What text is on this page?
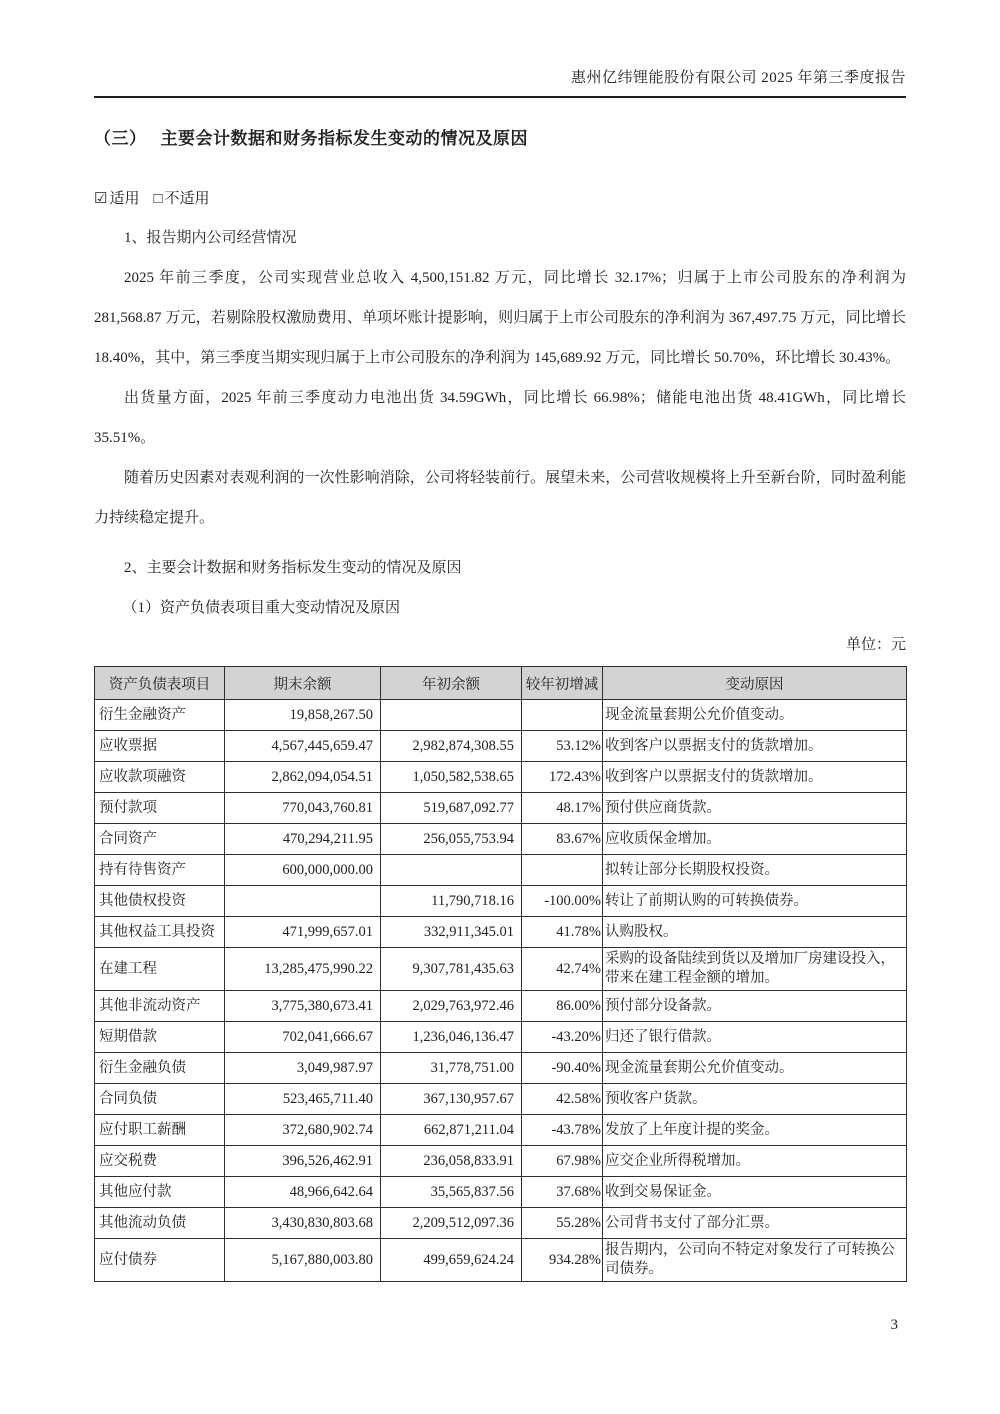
惠州亿纬锂能股份有限公司 2025 年第三季度报告
（三） 主要会计数据和财务指标发生变动的情况及原因
☑ 适用 □ 不适用
1、报告期内公司经营情况

2025 年前三季度，公司实现营业总收入 4,500,151.82 万元，同比增长 32.17%；归属于上市公司股东的净利润为 281,568.87 万元，若剔除股权激励费用、单项坏账计提影响，则归属于上市公司股东的净利润为 367,497.75 万元，同比增长 18.40%，其中，第三季度当期实现归属于上市公司股东的净利润为 145,689.92 万元，同比增长 50.70%，环比增长 30.43%。

出货量方面，2025 年前三季度动力电池出货 34.59GWh，同比增长 66.98%；储能电池出货 48.41GWh，同比增长 35.51%。

随着历史因素对表观利润的一次性影响消除，公司将轻装前行。展望未来，公司营收规模将上升至新台阶，同时盈利能力持续稳定提升。

2、主要会计数据和财务指标发生变动的情况及原因
（1）资产负债表项目重大变动情况及原因
单位：元
资产负债表项目	期末余额	年初余额	较年初增减	变动原因
衍生金融资产	19,858,267.50			现金流量套期公允价值变动。
应收票据	4,567,445,659.47	2,982,874,308.55	53.12%	收到客户以票据支付的货款增加。
应收款项融资	2,862,094,054.51	1,050,582,538.65	172.43%	收到客户以票据支付的货款增加。
预付款项	770,043,760.81	519,687,092.77	48.17%	预付供应商货款。
合同资产	470,294,211.95	256,055,753.94	83.67%	应收质保金增加。
持有待售资产	600,000,000.00			拟转让部分长期股权投资。
其他债权投资		11,790,718.16	-100.00%	转让了前期认购的可转换债券。
其他权益工具投资	471,999,657.01	332,911,345.01	41.78%	认购股权。
在建工程	13,285,475,990.22	9,307,781,435.63	42.74%	采购的设备陆续到货以及增加厂房建设投入，带来在建工程金额的增加。
其他非流动资产	3,775,380,673.41	2,029,763,972.46	86.00%	预付部分设备款。
短期借款	702,041,666.67	1,236,046,136.47	-43.20%	归还了银行借款。
衍生金融负债	3,049,987.97	31,778,751.00	-90.40%	现金流量套期公允价值变动。
合同负债	523,465,711.40	367,130,957.67	42.58%	预收客户货款。
应付职工薪酬	372,680,902.74	662,871,211.04	-43.78%	发放了上年度计提的奖金。
应交税费	396,526,462.91	236,058,833.91	67.98%	应交企业所得税增加。
其他应付款	48,966,642.64	35,565,837.56	37.68%	收到交易保证金。
其他流动负债	3,430,830,803.68	2,209,512,097.36	55.28%	公司背书支付了部分汇票。
应付债券	5,167,880,003.80	499,659,624.24	934.28%	报告期内，公司向不特定对象发行了可转换公司债券。
3
